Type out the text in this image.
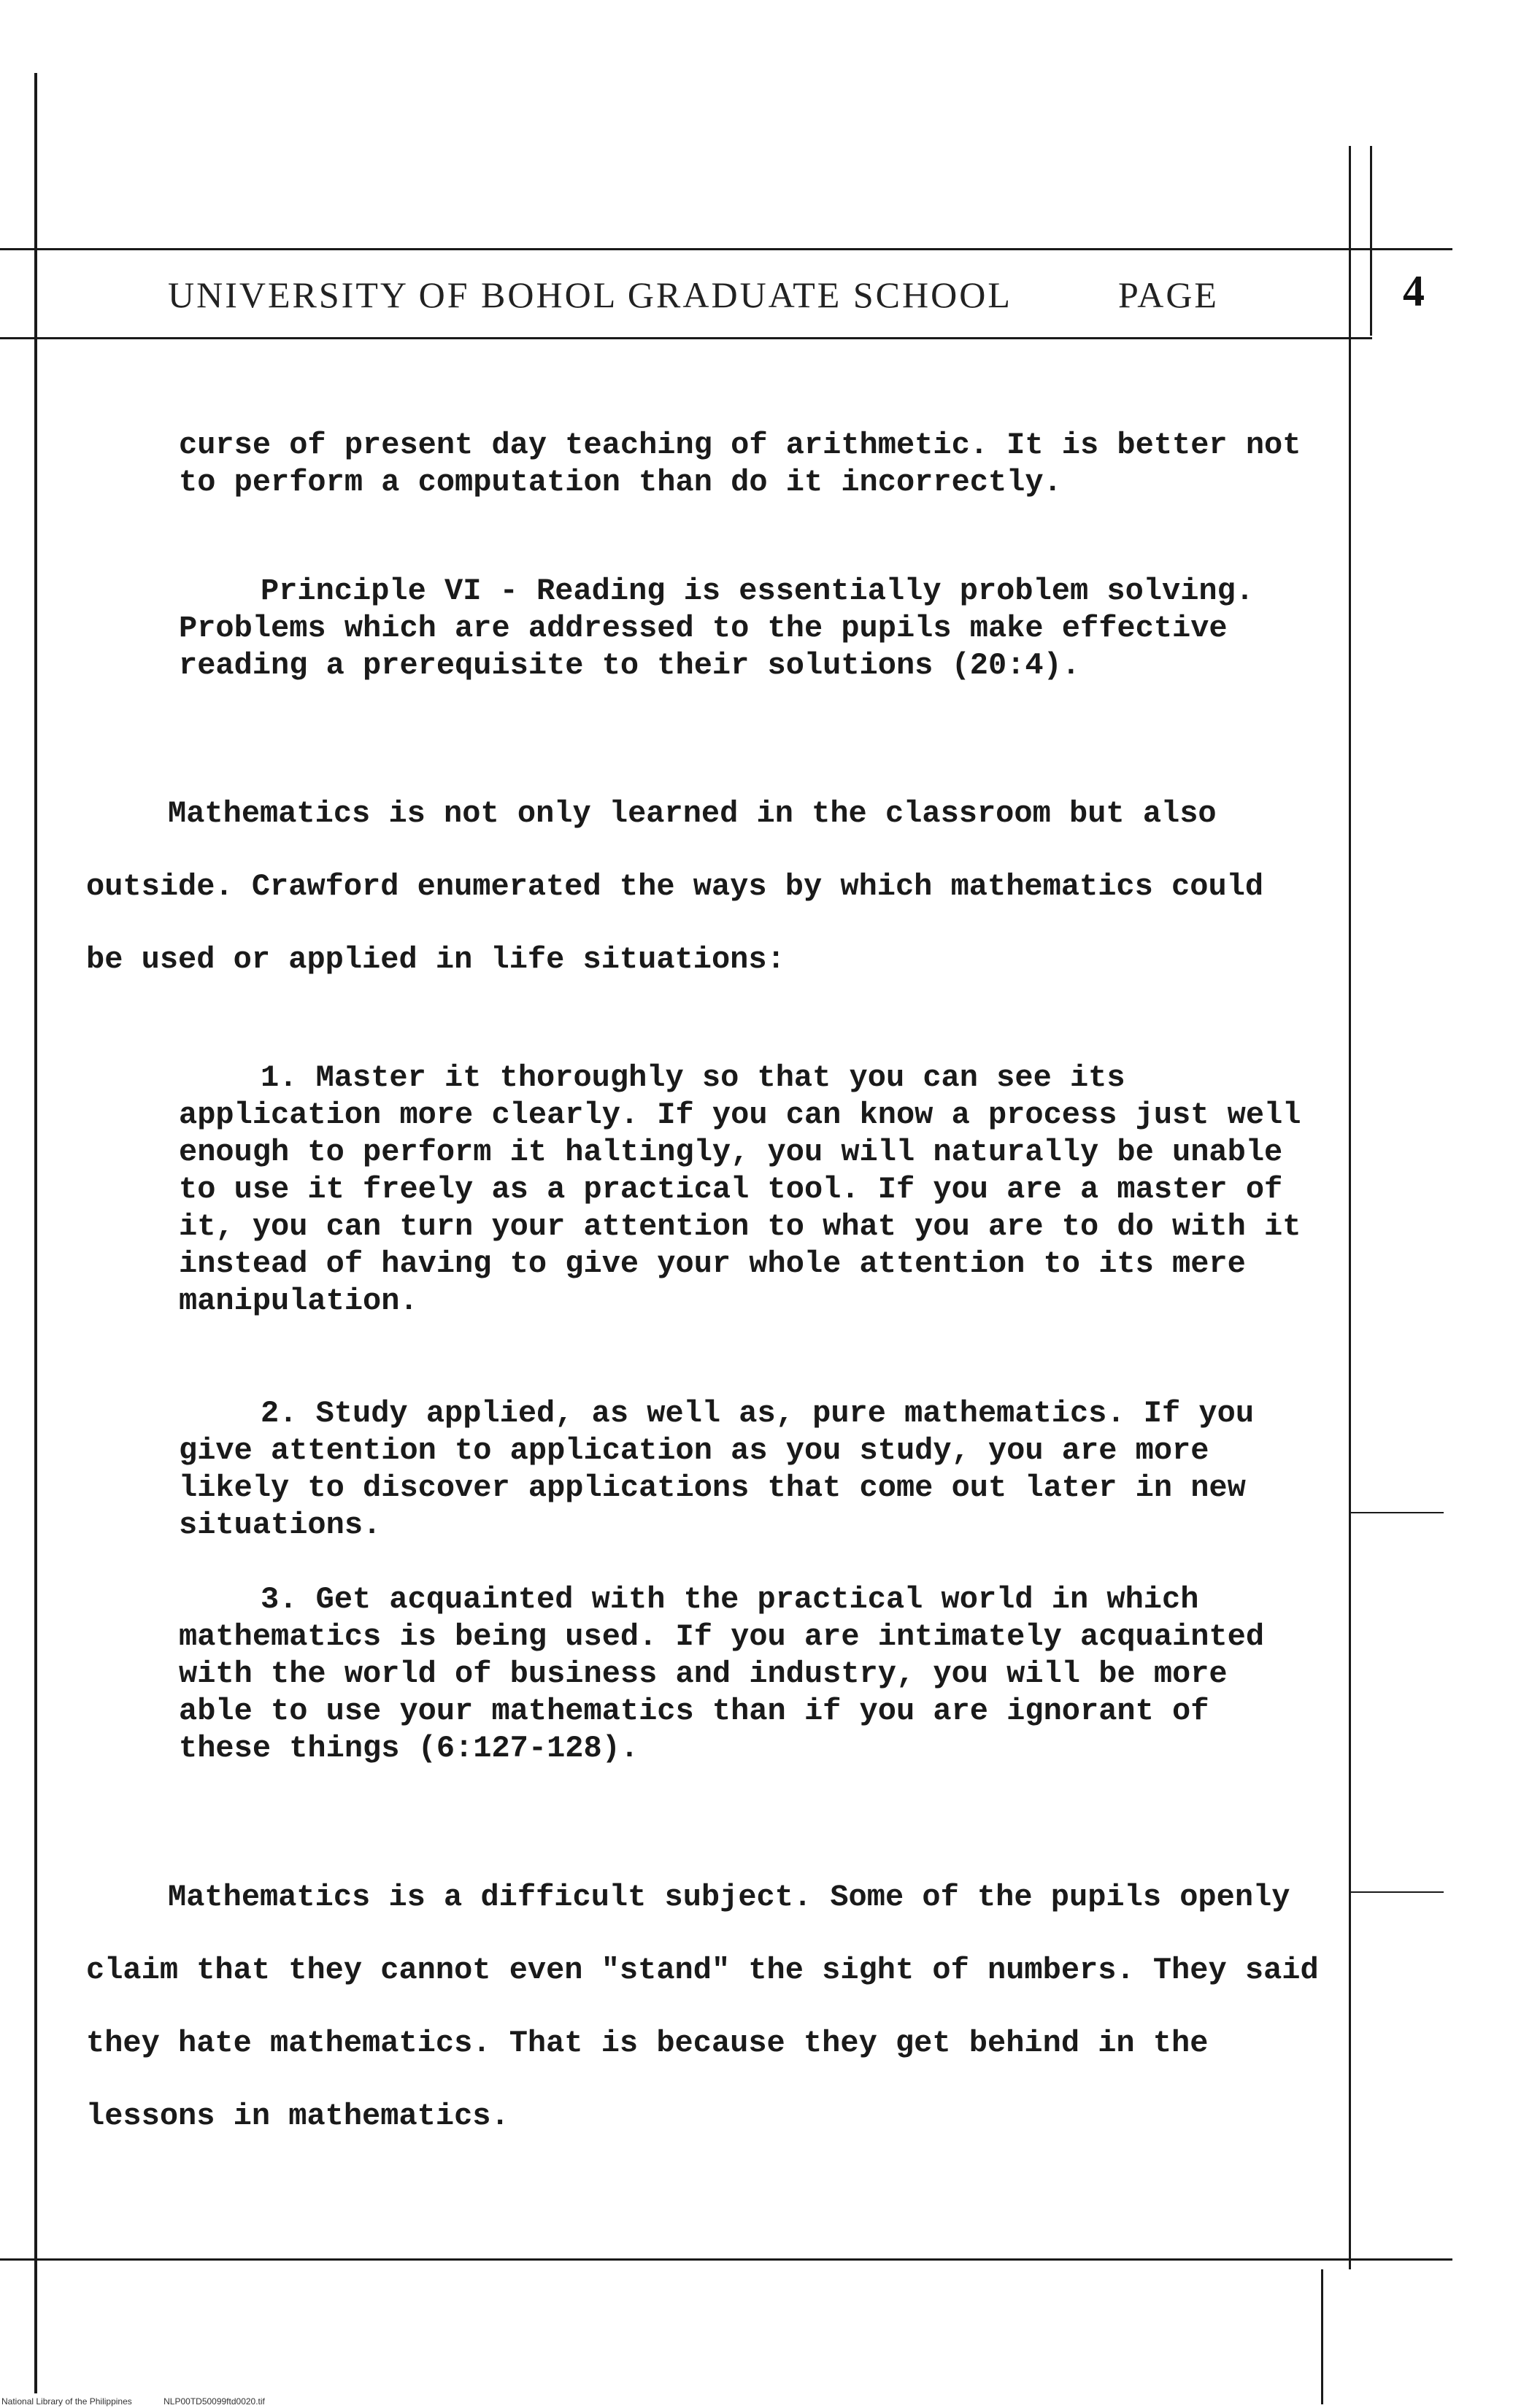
UNIVERSITY OF BOHOL GRADUATE SCHOOL	PAGE	4

curse of present day teaching of arithmetic. It is better not to perform a computation than do it incorrectly.

Principle VI - Reading is essentially problem solving. Problems which are addressed to the pupils make effective reading a prerequisite to their solutions (20:4).

Mathematics is not only learned in the classroom but also outside. Crawford enumerated the ways by which mathematics could be used or applied in life situations:

1. Master it thoroughly so that you can see its application more clearly. If you can know a process just well enough to perform it haltingly, you will naturally be unable to use it freely as a practical tool. If you are a master of it, you can turn your attention to what you are to do with it instead of having to give your whole attention to its mere manipulation.

2. Study applied, as well as, pure mathematics. If you give attention to application as you study, you are more likely to discover applications that come out later in new situations.

3. Get acquainted with the practical world in which mathematics is being used. If you are intimately acquainted with the world of business and industry, you will be more able to use your mathematics than if you are ignorant of these things (6:127-128).

Mathematics is a difficult subject. Some of the pupils openly claim that they cannot even "stand" the sight of numbers. They said they hate mathematics. That is because they get behind in the lessons in mathematics.

National Library of the Philippines	NLP00TD50099ftd0020.tif
